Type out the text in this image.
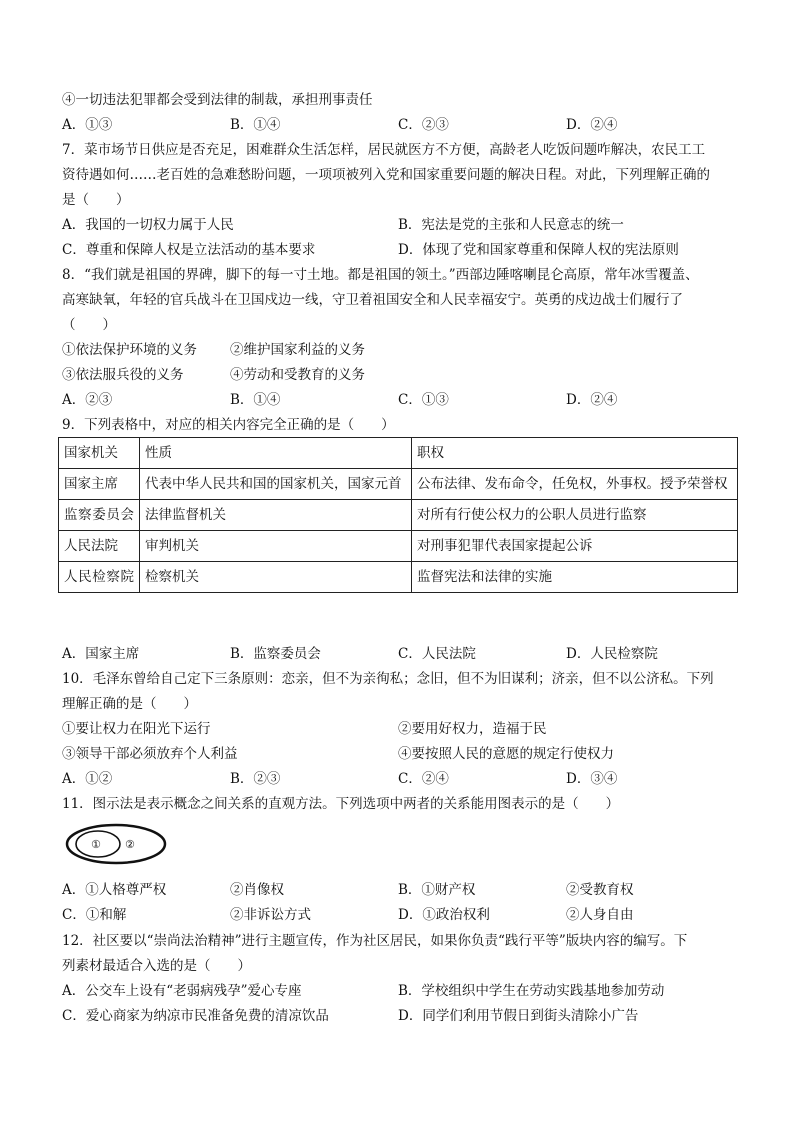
④一切违法犯罪都会受到法律的制裁，承担刑事责任
A．①③	B．①④	C．②③	D．②④
7．菜市场节日供应是否充足，困难群众生活怎样，居民就医方不方便，高龄老人吃饭问题咋解决，农民工工
资待遇如何……老百姓的急难愁盼问题，一项项被列入党和国家重要问题的解决日程。对此，下列理解正确的
是（　　）
A．我国的一切权力属于人民	B．宪法是党的主张和人民意志的统一
C．尊重和保障人权是立法活动的基本要求	D．体现了党和国家尊重和保障人权的宪法原则
8．“我们就是祖国的界碑，脚下的每一寸土地。都是祖国的领土。”西部边陲喀喇昆仑高原，常年冰雪覆盖、
高寒缺氧，年轻的官兵战斗在卫国戍边一线，守卫着祖国安全和人民幸福安宁。英勇的戍边战士们履行了
（　　）
①依法保护环境的义务 ②维护国家利益的义务
③依法服兵役的义务	④劳动和受教育的义务
A．②③	B．①④	C．①③	D．②④
9．下列表格中，对应的相关内容完全正确的是（　　）
国家机关	性质	职权
国家主席	代表中华人民共和国的国家机关，国家元首	公布法律、发布命令，任免权，外事权。授予荣誉权
监察委员会	法律监督机关	对所有行使公权力的公职人员进行监察
人民法院	审判机关	对刑事犯罪代表国家提起公诉
人民检察院	检察机关	监督宪法和法律的实施
A．国家主席	B．监察委员会	C．人民法院	D．人民检察院
10．毛泽东曾给自己定下三条原则：恋亲，但不为亲徇私；念旧，但不为旧谋利；济亲，但不以公济私。下列
理解正确的是（　　）
①要让权力在阳光下运行	②要用好权力，造福于民
③领导干部必须放弃个人利益	④要按照人民的意愿的规定行使权力
A．①②	B．②③	C．②④	D．③④
11．图示法是表示概念之间关系的直观方法。下列选项中两者的关系能用图表示的是（　　）
① ②
A．①人格尊严权	②肖像权	B．①财产权	②受教育权
C．①和解	②非诉讼方式	D．①政治权利	②人身自由
12．社区要以“崇尚法治精神”进行主题宣传，作为社区居民，如果你负责“践行平等”版块内容的编写。下
列素材最适合入选的是（　　）
A．公交车上设有“老弱病残孕”爱心专座	B．学校组织中学生在劳动实践基地参加劳动
C．爱心商家为纳凉市民准备免费的清凉饮品	D．同学们利用节假日到街头清除小广告
